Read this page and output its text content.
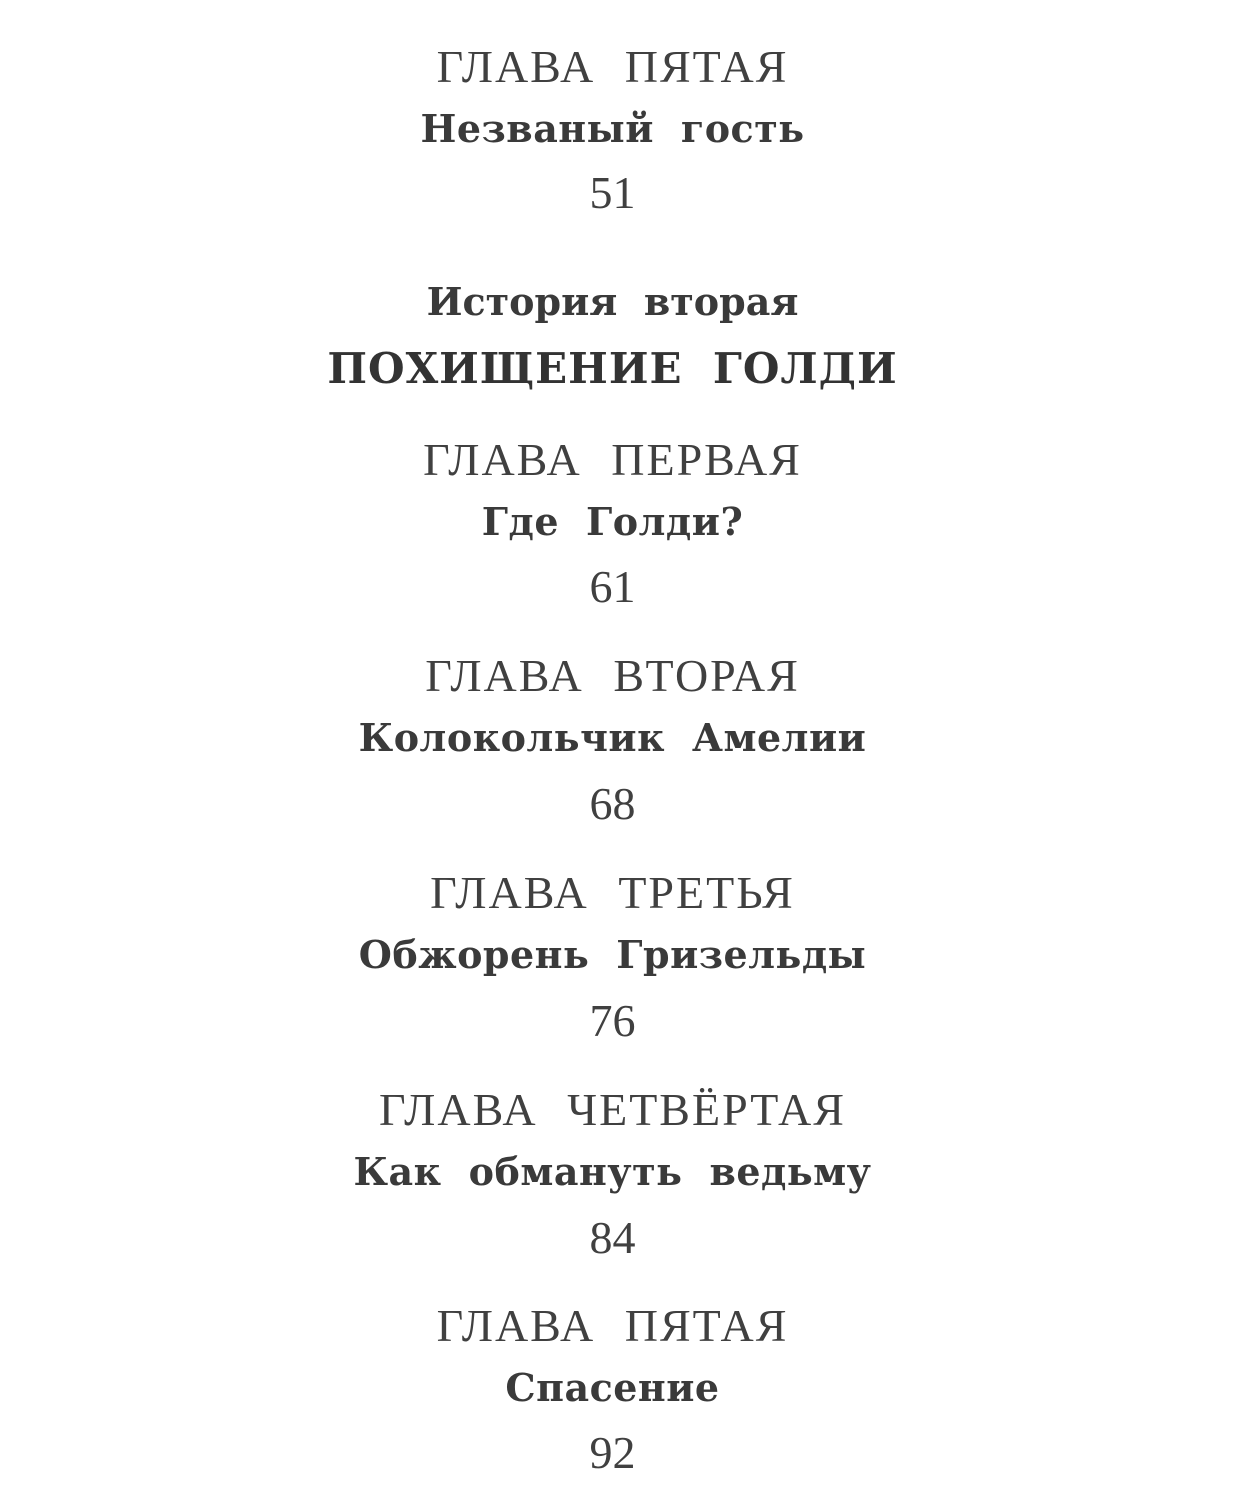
ГЛАВА ПЯТАЯ
Незваный гость
51
История вторая
ПОХИЩЕНИЕ ГОЛДИ
ГЛАВА ПЕРВАЯ
Где Голди?
61
ГЛАВА ВТОРАЯ
Колокольчик Амелии
68
ГЛАВА ТРЕТЬЯ
Обжорень Гризельды
76
ГЛАВА ЧЕТВЁРТАЯ
Как обмануть ведьму
84
ГЛАВА ПЯТАЯ
Спасение
92
